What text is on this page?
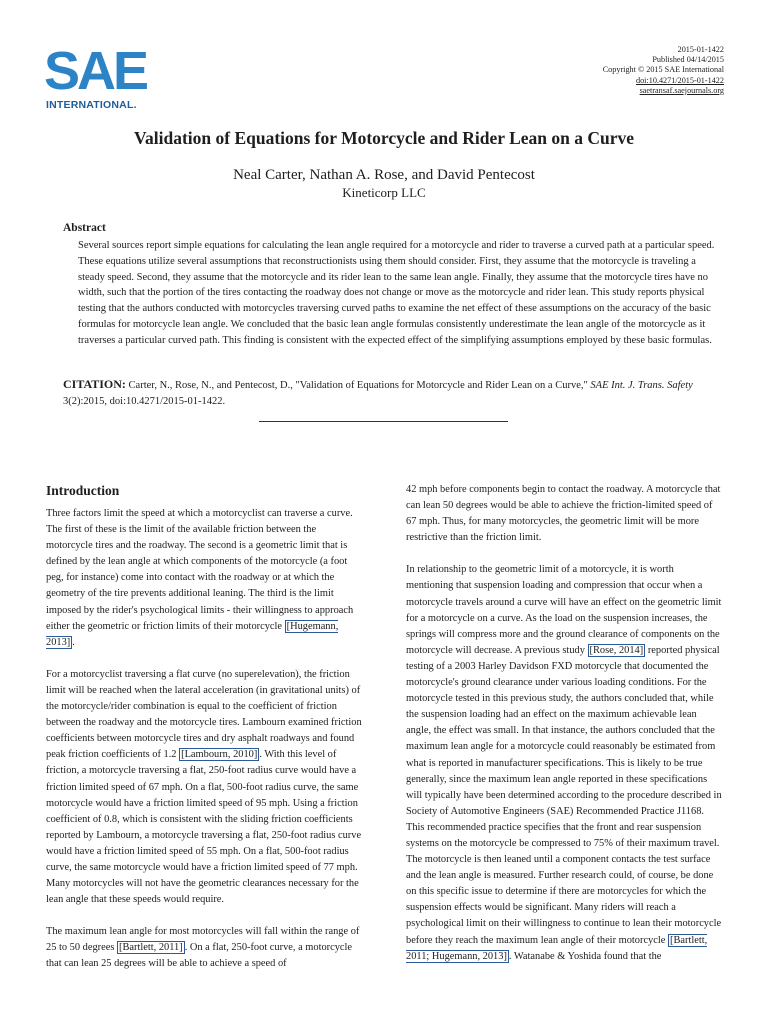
SAE
INTERNATIONAL.
2015-01-1422
Published 04/14/2015
Copyright © 2015 SAE International
doi:10.4271/2015-01-1422
saetransaf.saejournals.org
Validation of Equations for Motorcycle and Rider Lean on a Curve
Neal Carter, Nathan A. Rose, and David Pentecost
Kineticorp LLC
Abstract

Several sources report simple equations for calculating the lean angle required for a motorcycle and rider to traverse a curved path at a particular speed. These equations utilize several assumptions that reconstructionists using them should consider. First, they assume that the motorcycle is traveling a steady speed. Second, they assume that the motorcycle and its rider lean to the same lean angle. Finally, they assume that the motorcycle tires have no width, such that the portion of the tires contacting the roadway does not change or move as the motorcycle and rider lean. This study reports physical testing that the authors conducted with motorcycles traversing curved paths to examine the net effect of these assumptions on the accuracy of the basic formulas for motorcycle lean angle. We concluded that the basic lean angle formulas consistently underestimate the lean angle of the motorcycle as it traverses a particular curved path. This finding is consistent with the expected effect of the simplifying assumptions employed by these basic formulas.

CITATION: Carter, N., Rose, N., and Pentecost, D., "Validation of Equations for Motorcycle and Rider Lean on a Curve," SAE Int. J. Trans. Safety 3(2):2015, doi:10.4271/2015-01-1422.

Introduction

Three factors limit the speed at which a motorcyclist can traverse a curve. The first of these is the limit of the available friction between the motorcycle tires and the roadway. The second is a geometric limit that is defined by the lean angle at which components of the motorcycle (a foot peg, for instance) come into contact with the roadway or at which the geometry of the tire prevents additional leaning. The third is the limit imposed by the rider's psychological limits - their willingness to approach either the geometric or friction limits of their motorcycle [Hugemann, 2013] .

For a motorcyclist traversing a flat curve (no superelevation), the friction limit will be reached when the lateral acceleration (in gravitational units) of the motorcycle/rider combination is equal to the coefficient of friction between the roadway and the motorcycle tires. Lambourn examined friction coefficients between motorcycle tires and dry asphalt roadways and found peak friction coefficients of 1.2 [Lambourn, 2010] . With this level of friction, a motorcycle traversing a flat, 250-foot radius curve would have a friction limited speed of 67 mph. On a flat, 500-foot radius curve, the same motorcycle would have a friction limited speed of 95 mph. Using a friction coefficient of 0.8, which is consistent with the sliding friction coefficients reported by Lambourn, a motorcycle traversing a flat, 250-foot radius curve would have a friction limited speed of 55 mph. On a flat, 500-foot radius curve, the same motorcycle would have a friction limited speed of 77 mph. Many motorcycles will not have the geometric clearances necessary for the lean angle that these speeds would require.

The maximum lean angle for most motorcycles will fall within the range of 25 to 50 degrees [Bartlett, 2011] . On a flat, 250-foot curve, a motorcycle that can lean 25 degrees will be able to achieve a speed of

42 mph before components begin to contact the roadway. A motorcycle that can lean 50 degrees would be able to achieve the friction-limited speed of 67 mph. Thus, for many motorcycles, the geometric limit will be more restrictive than the friction limit.

In relationship to the geometric limit of a motorcycle, it is worth mentioning that suspension loading and compression that occur when a motorcycle travels around a curve will have an effect on the geometric limit for a motorcycle on a curve. As the load on the suspension increases, the springs will compress more and the ground clearance of components on the motorcycle will decrease. A previous study [Rose, 2014] reported physical testing of a 2003 Harley Davidson FXD motorcycle that documented the motorcycle's ground clearance under various loading conditions. For the motorcycle tested in this previous study, the authors concluded that, while the suspension loading had an effect on the maximum achievable lean angle, the effect was small. In that instance, the authors concluded that the maximum lean angle for a motorcycle could reasonably be estimated from what is reported in manufacturer specifications. This is likely to be true generally, since the maximum lean angle reported in these specifications will typically have been determined according to the procedure described in Society of Automotive Engineers (SAE) Recommended Practice J1168. This recommended practice specifies that the front and rear suspension systems on the motorcycle be compressed to 75% of their maximum travel. The motorcycle is then leaned until a component contacts the test surface and the lean angle is measured. Further research could, of course, be done on this specific issue to determine if there are motorcycles for which the suspension effects would be significant. Many riders will reach a psychological limit on their willingness to continue to lean their motorcycle before they reach the maximum lean angle of their motorcycle [Bartlett, 2011; Hugemann, 2013] . Watanabe & Yoshida found that the
